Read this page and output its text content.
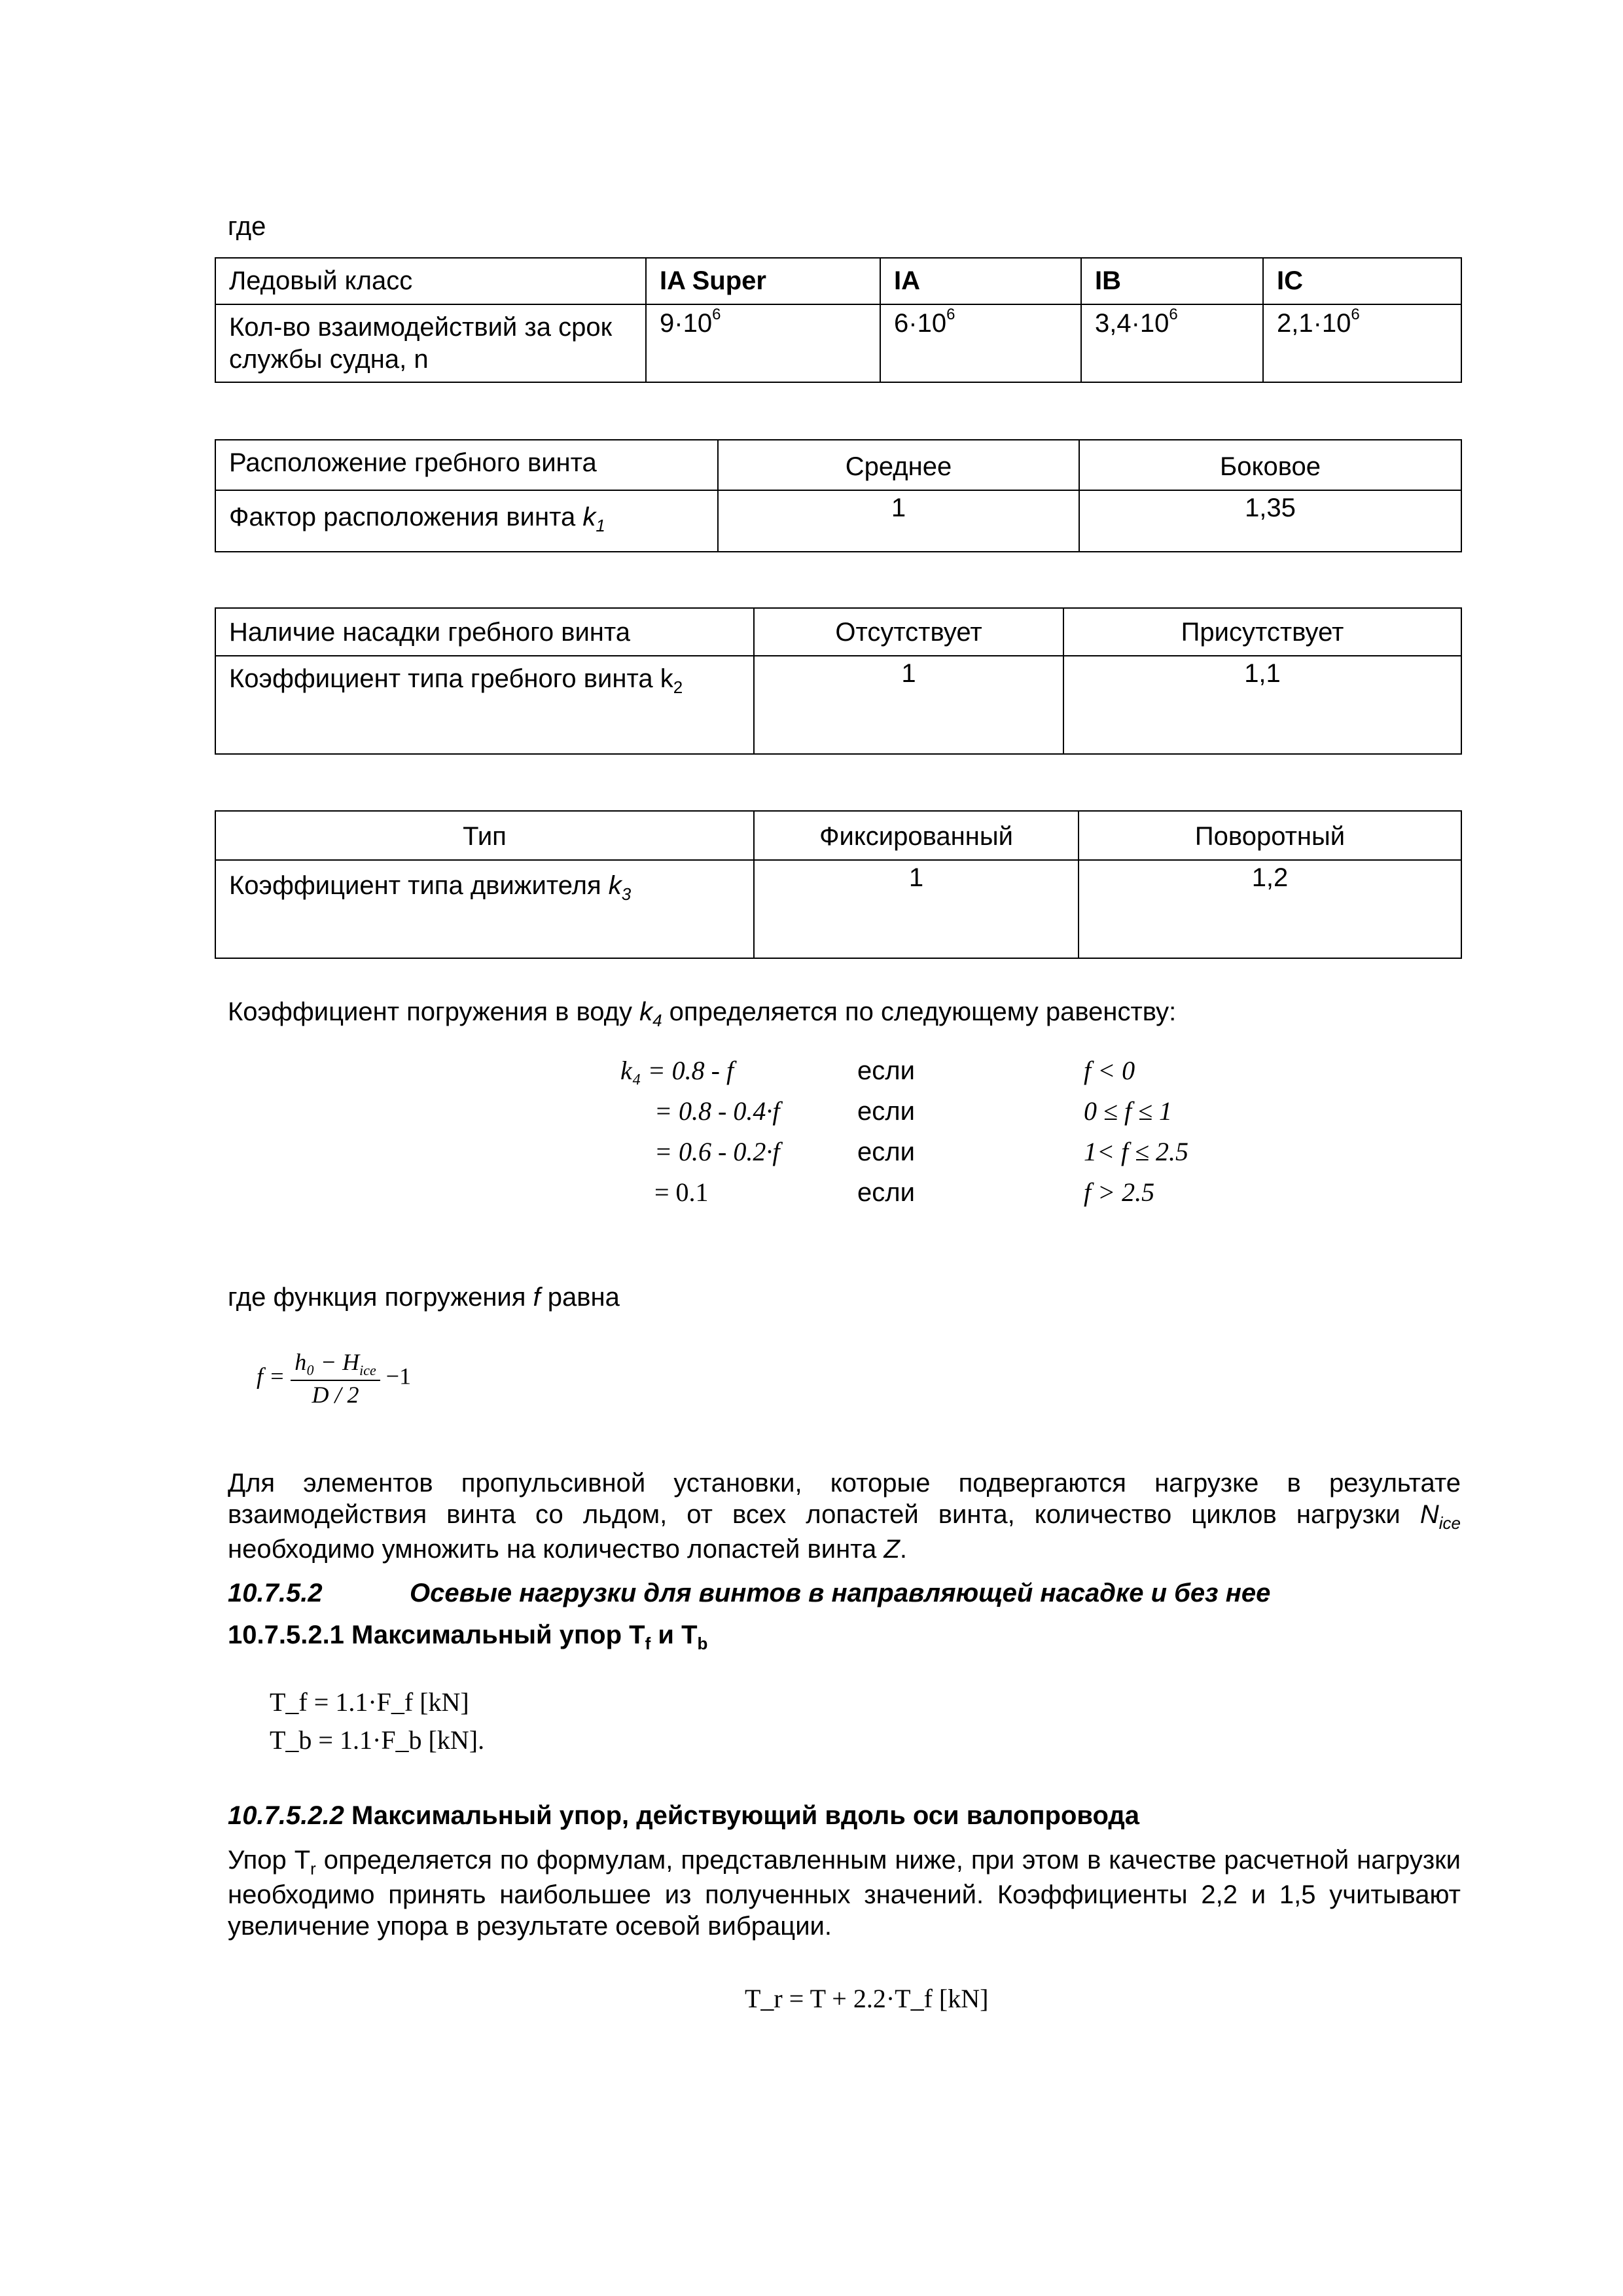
где
Ледовый класс	IA Super	IA	IB	IC
Кол-во взаимодействий за срок службы судна, n	$9\cdot 10^6$	$6\cdot 10^6$	$3,4\cdot 10^6$	$2,1\cdot 10^6$
Расположение гребного винта	Среднее	Боковое
Фактор расположения винта $k_1$	1	1,35
Наличие насадки гребного винта	Отсутствует	Присутствует
Коэффициент типа гребного винта $k_2$	1	1,1
Тип	Фиксированный	Поворотный
Коэффициент типа движителя $k_3$	1	1,2
Коэффициент погружения в воду $k_4$ определяется по следующему равенству:
k₄ = 0.8 - f	если	f < 0
= 0.8 - 0.4·f	если	0 ≤ f ≤ 1
= 0.6 - 0.2·f	если	1< f ≤ 2.5
= 0.1	если	f > 2.5
где функция погружения f равна
$f = \frac{h_0 - H_{ice}}{D / 2} -1$
Для элементов пропульсивной установки, которые подвергаются нагрузке в результате взаимодействия винта со льдом, от всех лопастей винта, количество циклов нагрузки $N_{ice}$ необходимо умножить на количество лопастей винта Z.
10.7.5.2	Осевые нагрузки для винтов в направляющей насадке и без нее
10.7.5.2.1 Максимальный упор $T_f$ и $T_b$
T_f = 1.1·F_f [kN]
T_b = 1.1·F_b [kN].
10.7.5.2.2 Максимальный упор, действующий вдоль оси валопровода
Упор $T_r$ определяется по формулам, представленным ниже, при этом в качестве расчетной нагрузки необходимо принять наибольшее из полученных значений. Коэффициенты 2,2 и 1,5 учитывают увеличение упора в результате осевой вибрации.
T_r = T + 2.2·T_f [kN]
